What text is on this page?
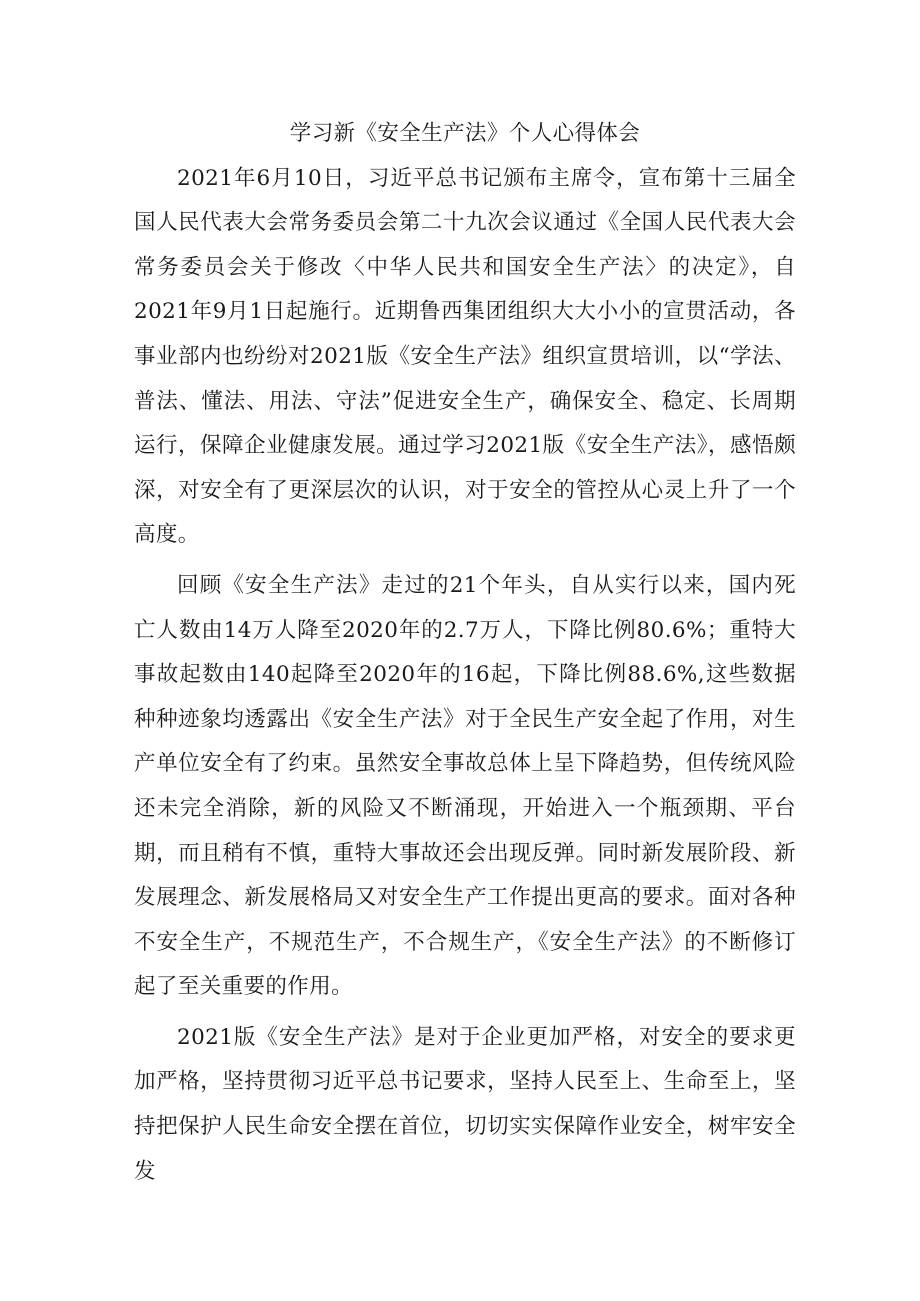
学习新《安全生产法》个人心得体会

2021年6月10日，习近平总书记颁布主席令，宣布第十三届全国人民代表大会常务委员会第二十九次会议通过《全国人民代表大会常务委员会关于修改〈中华人民共和国安全生产法〉的决定》，自2021年9月1日起施行。近期鲁西集团组织大大小小的宣贯活动，各事业部内也纷纷对2021版《安全生产法》组织宣贯培训，以“学法、普法、懂法、用法、守法”促进安全生产，确保安全、稳定、长周期运行，保障企业健康发展。通过学习2021版《安全生产法》，感悟颇深，对安全有了更深层次的认识，对于安全的管控从心灵上升了一个高度。

回顾《安全生产法》走过的21个年头，自从实行以来，国内死亡人数由14万人降至2020年的2.7万人，下降比例80.6%；重特大事故起数由140起降至2020年的16起，下降比例88.6%,这些数据种种迹象均透露出《安全生产法》对于全民生产安全起了作用，对生产单位安全有了约束。虽然安全事故总体上呈下降趋势，但传统风险还未完全消除，新的风险又不断涌现，开始进入一个瓶颈期、平台期，而且稍有不慎，重特大事故还会出现反弹。同时新发展阶段、新发展理念、新发展格局又对安全生产工作提出更高的要求。面对各种不安全生产，不规范生产，不合规生产，《安全生产法》的不断修订起了至关重要的作用。

2021版《安全生产法》是对于企业更加严格，对安全的要求更加严格，坚持贯彻习近平总书记要求，坚持人民至上、生命至上，坚持把保护人民生命安全摆在首位，切切实实保障作业安全，树牢安全发
